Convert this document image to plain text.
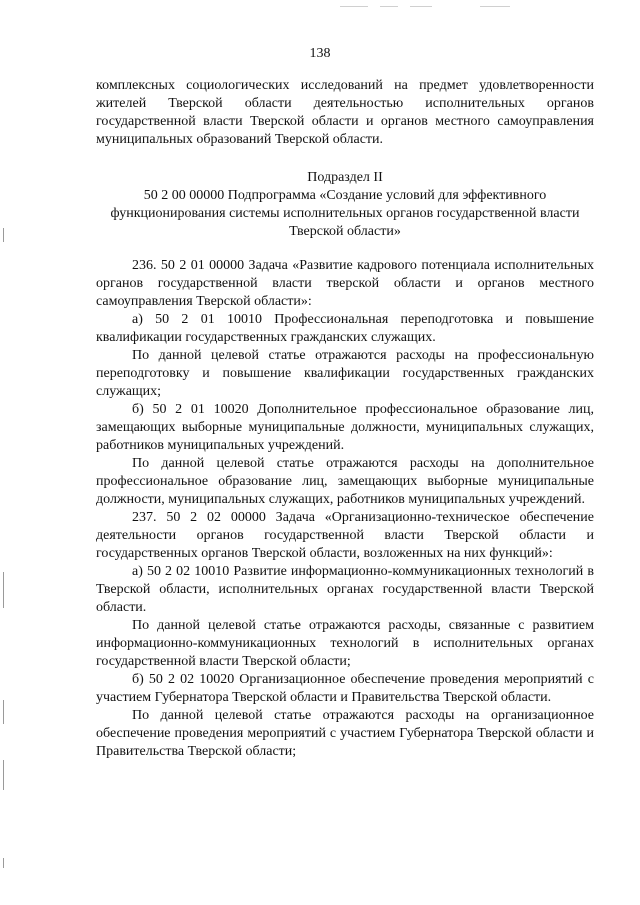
138

комплексных социологических исследований на предмет удовлетворенности жителей Тверской области деятельностью исполнительных органов государственной власти Тверской области и органов местного самоуправления муниципальных образований Тверской области.

Подраздел II
50 2 00 00000 Подпрограмма «Создание условий для эффективного функционирования системы исполнительных органов государственной власти Тверской области»

236. 50 2 01 00000 Задача «Развитие кадрового потенциала исполнительных органов государственной власти тверской области и органов местного самоуправления Тверской области»:

а) 50 2 01 10010 Профессиональная переподготовка и повышение квалификации государственных гражданских служащих.

По данной целевой статье отражаются расходы на профессиональную переподготовку и повышение квалификации государственных гражданских служащих;

б) 50 2 01 10020 Дополнительное профессиональное образование лиц, замещающих выборные муниципальные должности, муниципальных служащих, работников муниципальных учреждений.

По данной целевой статье отражаются расходы на дополнительное профессиональное образование лиц, замещающих выборные муниципальные должности, муниципальных служащих, работников муниципальных учреждений.

237. 50 2 02 00000 Задача «Организационно-техническое обеспечение деятельности органов государственной власти Тверской области и государственных органов Тверской области, возложенных на них функций»:

а) 50 2 02 10010 Развитие информационно-коммуникационных технологий в Тверской области, исполнительных органах государственной власти Тверской области.

По данной целевой статье отражаются расходы, связанные с развитием информационно-коммуникационных технологий в исполнительных органах государственной власти Тверской области;

б) 50 2 02 10020 Организационное обеспечение проведения мероприятий с участием Губернатора Тверской области и Правительства Тверской области.

По данной целевой статье отражаются расходы на организационное обеспечение проведения мероприятий с участием Губернатора Тверской области и Правительства Тверской области;
